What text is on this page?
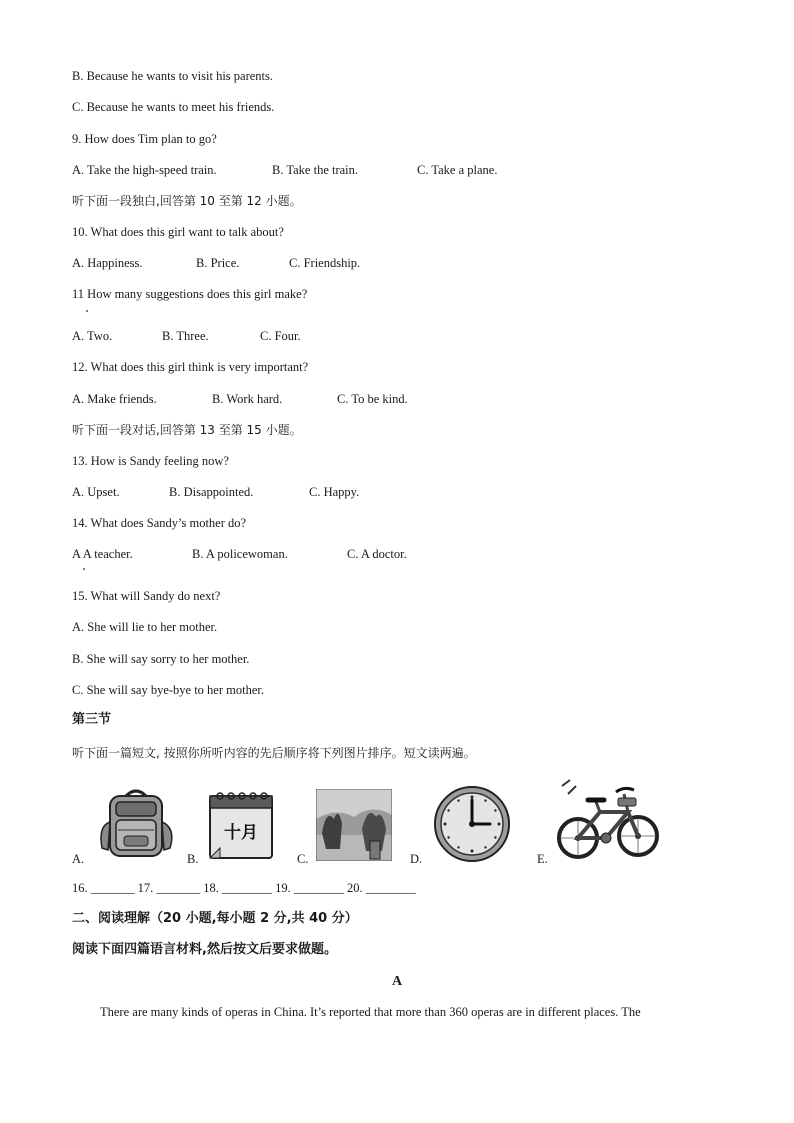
B. Because he wants to visit his parents.
C. Because he wants to meet his friends.
9. How does Tim plan to go?
A. Take the high-speed train.	B. Take the train.	C. Take a plane.
听下面一段独白,回答第 10 至第 12 小题。
10. What does this girl want to talk about?
A. Happiness.	B. Price.	C. Friendship.
11 How many suggestions does this girl make?
A. Two.	B. Three.	C. Four.
12. What does this girl think is very important?
A. Make friends.	B. Work hard.	C. To be kind.
听下面一段对话,回答第 13 至第 15 小题。
13. How is Sandy feeling now?
A. Upset.	B. Disappointed.	C. Happy.
14. What does Sandy’s mother do?
A A teacher.	B. A policewoman.	C. A doctor.
15. What will Sandy do next?
A. She will lie to her mother.
B. She will say sorry to her mother.
C. She will say bye-bye to her mother.
第三节
听下面一篇短文, 按照你所听内容的先后顺序将下列图片排序。短文读两遍。
A.	B.
十月
C.	D.	E.
16. _______ 17. _______ 18. ________ 19. ________ 20. ________
二、阅读理解（20 小题,每小题 2 分,共 40 分）
阅读下面四篇语言材料,然后按文后要求做题。
A
There are many kinds of operas in China. It’s reported that more than 360 operas are in different places. The
